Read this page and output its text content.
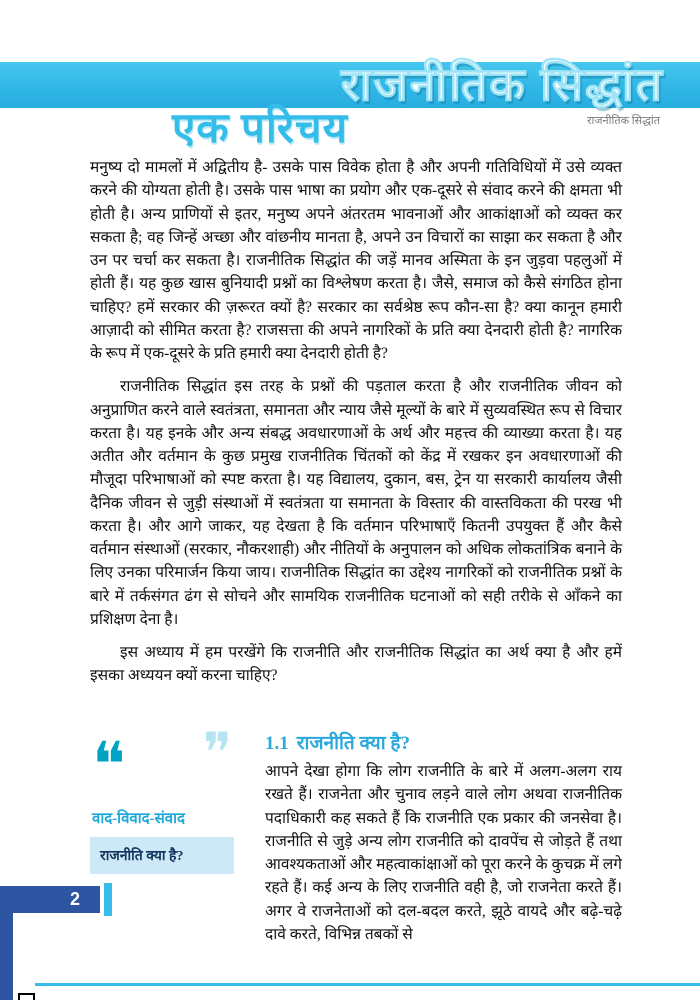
राजनीतिक सिद्धांत
एक परिचय	राजनीतिक सिद्धांत

मनुष्य दो मामलों में अद्वितीय है- उसके पास विवेक होता है और अपनी गतिविधियों में उसे व्यक्त करने की योग्यता होती है। उसके पास भाषा का प्रयोग और एक-दूसरे से संवाद करने की क्षमता भी होती है। अन्य प्राणियों से इतर, मनुष्य अपने अंतरतम भावनाओं और आकांक्षाओं को व्यक्त कर सकता है; वह जिन्हें अच्छा और वांछनीय मानता है, अपने उन विचारों का साझा कर सकता है और उन पर चर्चा कर सकता है। राजनीतिक सिद्धांत की जड़ें मानव अस्मिता के इन जुड़वा पहलुओं में होती हैं। यह कुछ खास बुनियादी प्रश्नों का विश्लेषण करता है। जैसे, समाज को कैसे संगठित होना चाहिए? हमें सरकार की ज़रूरत क्यों है? सरकार का सर्वश्रेष्ठ रूप कौन-सा है? क्या कानून हमारी आज़ादी को सीमित करता है? राजसत्ता की अपने नागरिकों के प्रति क्या देनदारी होती है? नागरिक के रूप में एक-दूसरे के प्रति हमारी क्या देनदारी होती है?

राजनीतिक सिद्धांत इस तरह के प्रश्नों की पड़ताल करता है और राजनीतिक जीवन को अनुप्राणित करने वाले स्वतंत्रता, समानता और न्याय जैसे मूल्यों के बारे में सुव्यवस्थित रूप से विचार करता है। यह इनके और अन्य संबद्ध अवधारणाओं के अर्थ और महत्त्व की व्याख्या करता है। यह अतीत और वर्तमान के कुछ प्रमुख राजनीतिक चिंतकों को केंद्र में रखकर इन अवधारणाओं की मौजूदा परिभाषाओं को स्पष्ट करता है। यह विद्यालय, दुकान, बस, ट्रेन या सरकारी कार्यालय जैसी दैनिक जीवन से जुड़ी संस्थाओं में स्वतंत्रता या समानता के विस्तार की वास्तविकता की परख भी करता है। और आगे जाकर, यह देखता है कि वर्तमान परिभाषाएँ कितनी उपयुक्त हैं और कैसे वर्तमान संस्थाओं (सरकार, नौकरशाही) और नीतियों के अनुपालन को अधिक लोकतांत्रिक बनाने के लिए उनका परिमार्जन किया जाय। राजनीतिक सिद्धांत का उद्देश्य नागरिकों को राजनीतिक प्रश्नों के बारे में तर्कसंगत ढंग से सोचने और सामयिक राजनीतिक घटनाओं को सही तरीके से आँकने का प्रशिक्षण देना है।

इस अध्याय में हम परखेंगे कि राजनीति और राजनीतिक सिद्धांत का अर्थ क्या है और हमें इसका अध्ययन क्यों करना चाहिए?

1.1 राजनीति क्या है?
❝ ❞
वाद-विवाद-संवाद
राजनीति क्या है?

आपने देखा होगा कि लोग राजनीति के बारे में अलग-अलग राय रखते हैं। राजनेता और चुनाव लड़ने वाले लोग अथवा राजनीतिक पदाधिकारी कह सकते हैं कि राजनीति एक प्रकार की जनसेवा है। राजनीति से जुड़े अन्य लोग राजनीति को दावपेंच से जोड़ते हैं तथा आवश्यकताओं और महत्वाकांक्षाओं को पूरा करने के कुचक्र में लगे रहते हैं। कई अन्य के लिए राजनीति वही है, जो राजनेता करते हैं। अगर वे राजनेताओं को दल-बदल करते, झूठे वायदे और बढ़े-चढ़े दावे करते, विभिन्न तबकों से

2
